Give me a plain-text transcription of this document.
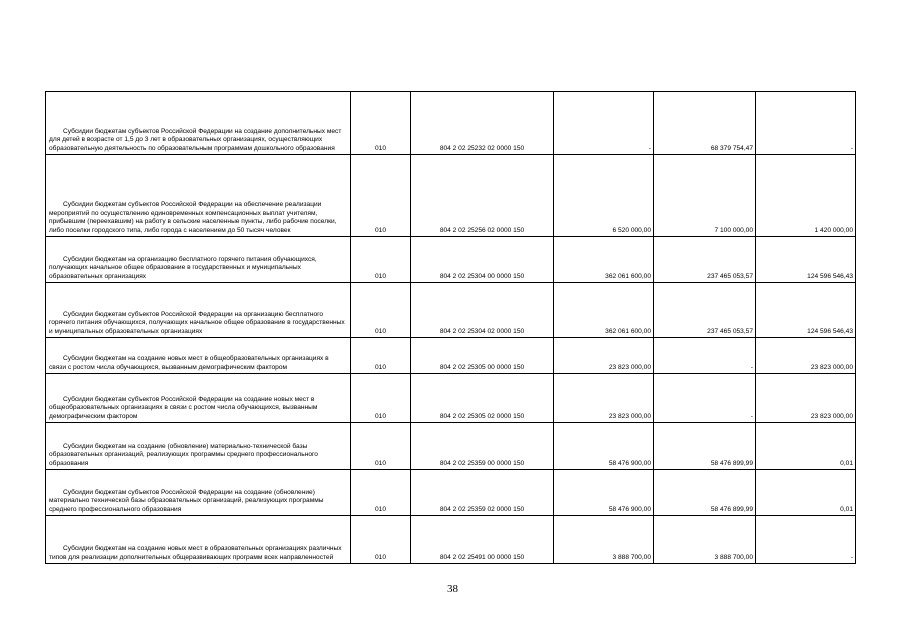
Субсидии бюджетам субъектов Российской Федерации на создание дополнительных мест для детей в возрасте от 1,5 до 3 лет в образовательных организациях, осуществляющих образовательную деятельность по образовательным программам дошкольного образования	010	804 2 02 25232 02 0000 150	-	68 379 754,47	-
Субсидии бюджетам субъектов Российской Федерации на обеспечение реализации мероприятий по осуществлению единовременных компенсационных выплат учителям, прибывшим (переехавшим) на работу в сельские населенные пункты, либо рабочие поселки, либо поселки городского типа, либо города с населением до 50 тысяч человек	010	804 2 02 25256 02 0000 150	6 520 000,00	7 100 000,00	1 420 000,00
Субсидии бюджетам на организацию бесплатного горячего питания обучающихся, получающих начальное общее образование в государственных и муниципальных образовательных организациях	010	804 2 02 25304 00 0000 150	362 061 600,00	237 465 053,57	124 596 546,43
Субсидии бюджетам субъектов Российской Федерации на организацию бесплатного горячего питания обучающихся, получающих начальное общее образование в государственных и муниципальных образовательных организациях	010	804 2 02 25304 02 0000 150	362 061 600,00	237 465 053,57	124 596 546,43
Субсидии бюджетам на создание новых мест в общеобразовательных организациях в связи с ростом числа обучающихся, вызванным демографическим фактором	010	804 2 02 25305 00 0000 150	23 823 000,00	-	23 823 000,00
Субсидии бюджетам субъектов Российской Федерации на создание новых мест в общеобразовательных организациях в связи с ростом числа обучающихся, вызванным демографическим фактором	010	804 2 02 25305 02 0000 150	23 823 000,00	-	23 823 000,00
Субсидии бюджетам на создание (обновление) материально-технической базы образовательных организаций, реализующих программы среднего профессионального образования	010	804 2 02 25359 00 0000 150	58 476 900,00	58 476 899,99	0,01
Субсидии бюджетам субъектов Российской Федерации на создание (обновление) материально технической базы образовательных организаций, реализующих программы среднего профессионального образования	010	804 2 02 25359 02 0000 150	58 476 900,00	58 476 899,99	0,01
Субсидии бюджетам на создание новых мест в образовательных организациях различных типов для реализации дополнительных общеразвивающих программ всех направленностей	010	804 2 02 25491 00 0000 150	3 888 700,00	3 888 700,00	-
38
